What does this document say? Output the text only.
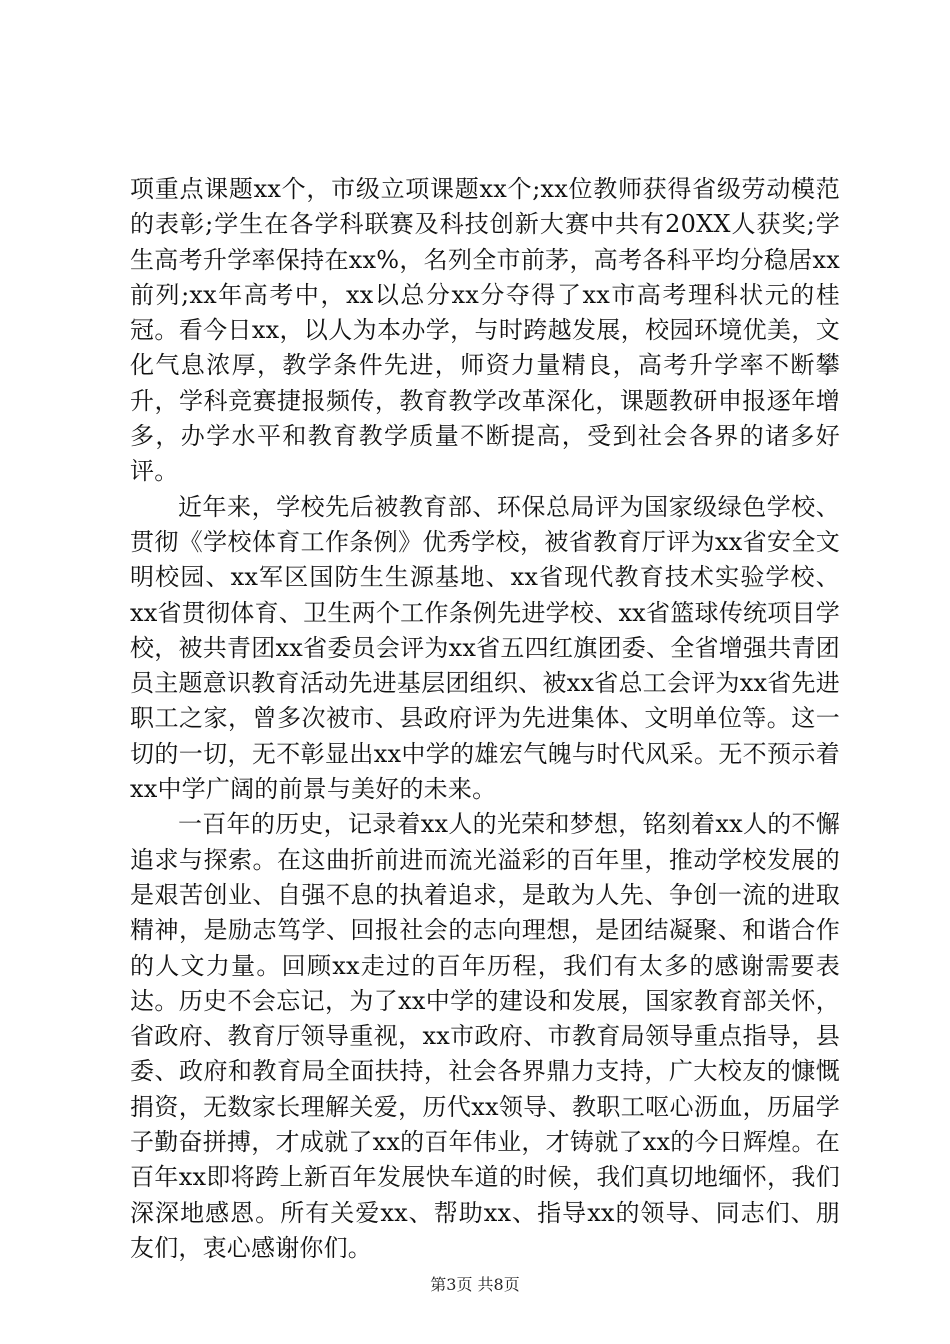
项重点课题xx个，市级立项课题xx个;xx位教师获得省级劳动模范的表彰;学生在各学科联赛及科技创新大赛中共有20XX人获奖;学生高考升学率保持在xx%，名列全市前茅，高考各科平均分稳居xx前列;xx年高考中，xx以总分xx分夺得了xx市高考理科状元的桂冠。看今日xx，以人为本办学，与时跨越发展，校园环境优美，文化气息浓厚，教学条件先进，师资力量精良，高考升学率不断攀升，学科竞赛捷报频传，教育教学改革深化，课题教研申报逐年增多，办学水平和教育教学质量不断提高，受到社会各界的诸多好评。

近年来，学校先后被教育部、环保总局评为国家级绿色学校、贯彻《学校体育工作条例》优秀学校，被省教育厅评为xx省安全文明校园、xx军区国防生生源基地、xx省现代教育技术实验学校、xx省贯彻体育、卫生两个工作条例先进学校、xx省篮球传统项目学校，被共青团xx省委员会评为xx省五四红旗团委、全省增强共青团员主题意识教育活动先进基层团组织、被xx省总工会评为xx省先进职工之家，曾多次被市、县政府评为先进集体、文明单位等。这一切的一切，无不彰显出xx中学的雄宏气魄与时代风采。无不预示着xx中学广阔的前景与美好的未来。

一百年的历史，记录着xx人的光荣和梦想，铭刻着xx人的不懈追求与探索。在这曲折前进而流光溢彩的百年里，推动学校发展的是艰苦创业、自强不息的执着追求，是敢为人先、争创一流的进取精神，是励志笃学、回报社会的志向理想，是团结凝聚、和谐合作的人文力量。回顾xx走过的百年历程，我们有太多的感谢需要表达。历史不会忘记，为了xx中学的建设和发展，国家教育部关怀，省政府、教育厅领导重视，xx市政府、市教育局领导重点指导，县委、政府和教育局全面扶持，社会各界鼎力支持，广大校友的慷慨捐资，无数家长理解关爱，历代xx领导、教职工呕心沥血，历届学子勤奋拼搏，才成就了xx的百年伟业，才铸就了xx的今日辉煌。在百年xx即将跨上新百年发展快车道的时候，我们真切地缅怀，我们深深地感恩。所有关爱xx、帮助xx、指导xx的领导、同志们、朋友们，衷心感谢你们。

第3页 共8页
